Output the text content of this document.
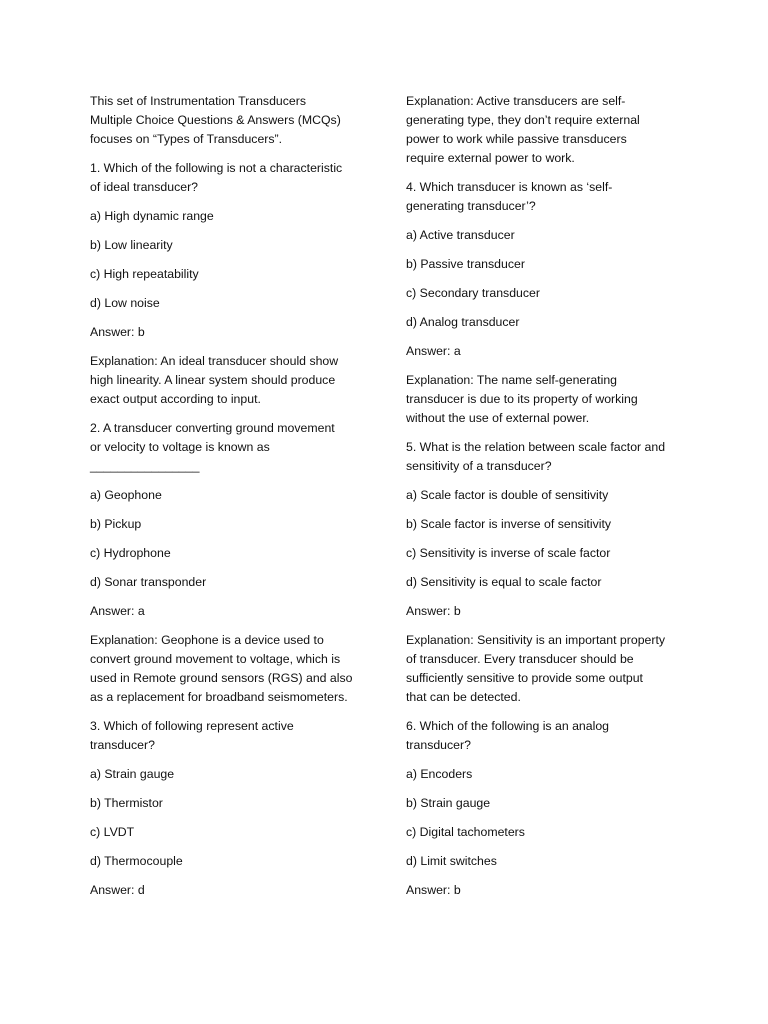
This set of Instrumentation Transducers
Multiple Choice Questions & Answers (MCQs)
focuses on “Types of Transducers”.

1. Which of the following is not a characteristic
of ideal transducer?

a) High dynamic range

b) Low linearity

c) High repeatability

d) Low noise

Answer: b

Explanation: An ideal transducer should show
high linearity. A linear system should produce
exact output according to input.

2. A transducer converting ground movement
or velocity to voltage is known as
________________

a) Geophone

b) Pickup

c) Hydrophone

d) Sonar transponder

Answer: a

Explanation: Geophone is a device used to
convert ground movement to voltage, which is
used in Remote ground sensors (RGS) and also
as a replacement for broadband seismometers.

3. Which of following represent active
transducer?

a) Strain gauge

b) Thermistor

c) LVDT

d) Thermocouple

Answer: d

Explanation: Active transducers are self-
generating type, they don’t require external
power to work while passive transducers
require external power to work.

4. Which transducer is known as ‘self-
generating transducer’?

a) Active transducer

b) Passive transducer

c) Secondary transducer

d) Analog transducer

Answer: a

Explanation: The name self-generating
transducer is due to its property of working
without the use of external power.

5. What is the relation between scale factor and
sensitivity of a transducer?

a) Scale factor is double of sensitivity

b) Scale factor is inverse of sensitivity

c) Sensitivity is inverse of scale factor

d) Sensitivity is equal to scale factor

Answer: b

Explanation: Sensitivity is an important property
of transducer. Every transducer should be
sufficiently sensitive to provide some output
that can be detected.

6. Which of the following is an analog
transducer?

a) Encoders

b) Strain gauge

c) Digital tachometers

d) Limit switches

Answer: b
